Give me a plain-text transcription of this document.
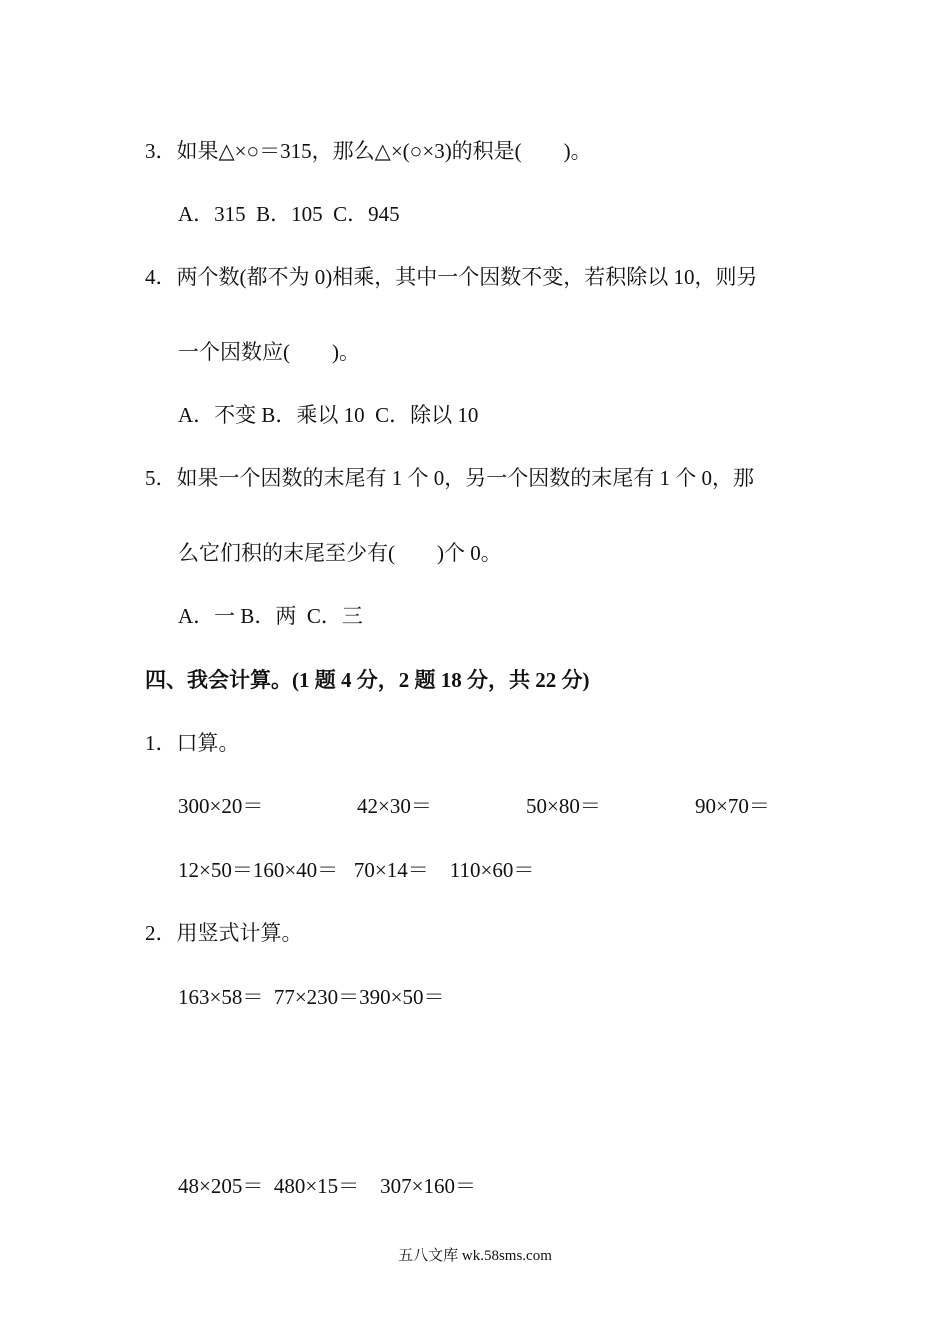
3．如果△×○＝315，那么△×(○×3)的积是(　　)。
A．315  B．105  C．945
4．两个数(都不为 0)相乘，其中一个因数不变，若积除以 10，则另
一个因数应(　　)。
A．不变 B．乘以 10  C．除以 10
5．如果一个因数的末尾有 1 个 0，另一个因数的末尾有 1 个 0，那
么它们积的末尾至少有(　　)个 0。
A．一 B．两  C．三
四、我会计算。(1 题 4 分，2 题 18 分，共 22 分)
1．口算。
300×20＝	42×30＝	50×80＝	90×70＝
12×50＝160×40＝   70×14＝    110×60＝
2．用竖式计算。
163×58＝  77×230＝390×50＝
48×205＝  480×15＝    307×160＝
五八文库 wk.58sms.com
